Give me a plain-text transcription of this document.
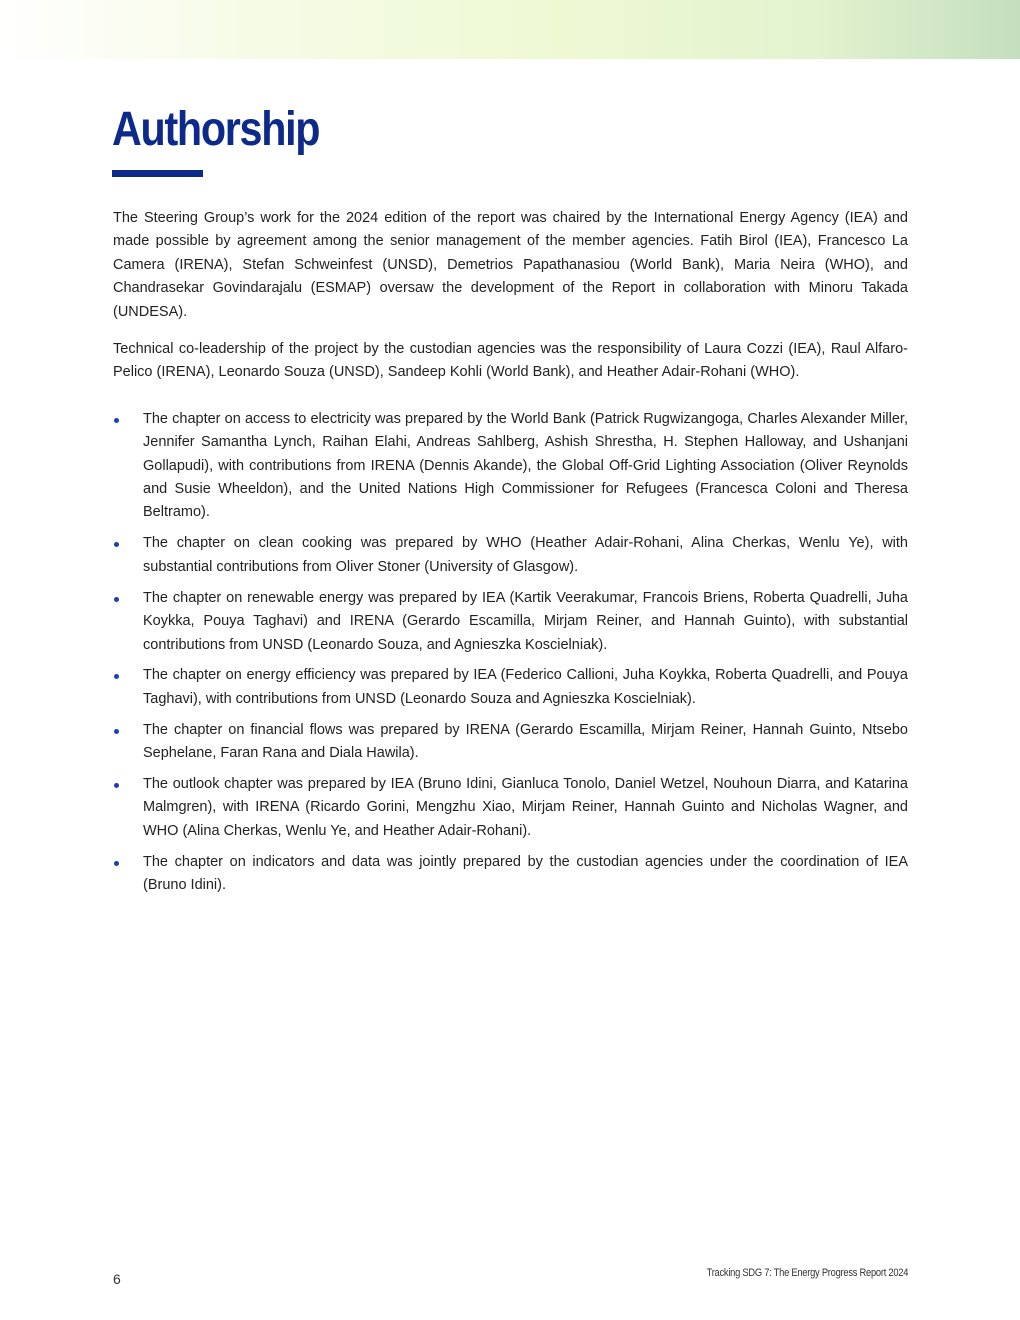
Authorship

The Steering Group’s work for the 2024 edition of the report was chaired by the International Energy Agency (IEA) and made possible by agreement among the senior management of the member agencies. Fatih Birol (IEA), Francesco La Camera (IRENA), Stefan Schweinfest (UNSD), Demetrios Papathanasiou (World Bank), Maria Neira (WHO), and Chandrasekar Govindarajalu (ESMAP) oversaw the development of the Report in collaboration with Minoru Takada (UNDESA).

Technical co-leadership of the project by the custodian agencies was the responsibility of Laura Cozzi (IEA), Raul Alfaro-Pelico (IRENA), Leonardo Souza (UNSD), Sandeep Kohli (World Bank), and Heather Adair-Rohani (WHO).

The chapter on access to electricity was prepared by the World Bank (Patrick Rugwizangoga, Charles Alexander Miller, Jennifer Samantha Lynch, Raihan Elahi, Andreas Sahlberg, Ashish Shrestha, H. Stephen Halloway, and Ushanjani Gollapudi), with contributions from IRENA (Dennis Akande), the Global Off-Grid Lighting Association (Oliver Reynolds and Susie Wheeldon), and the United Nations High Commissioner for Refugees (Francesca Coloni and Theresa Beltramo).
The chapter on clean cooking was prepared by WHO (Heather Adair-Rohani, Alina Cherkas, Wenlu Ye), with substantial contributions from Oliver Stoner (University of Glasgow).
The chapter on renewable energy was prepared by IEA (Kartik Veerakumar, Francois Briens, Roberta Quadrelli, Juha Koykka, Pouya Taghavi) and IRENA (Gerardo Escamilla, Mirjam Reiner, and Hannah Guinto), with substantial contributions from UNSD (Leonardo Souza, and Agnieszka Koscielniak).
The chapter on energy efficiency was prepared by IEA (Federico Callioni, Juha Koykka, Roberta Quadrelli, and Pouya Taghavi), with contributions from UNSD (Leonardo Souza and Agnieszka Koscielniak).
The chapter on financial flows was prepared by IRENA (Gerardo Escamilla, Mirjam Reiner, Hannah Guinto, Ntsebo Sephelane, Faran Rana and Diala Hawila).
The outlook chapter was prepared by IEA (Bruno Idini, Gianluca Tonolo, Daniel Wetzel, Nouhoun Diarra, and Katarina Malmgren), with IRENA (Ricardo Gorini, Mengzhu Xiao, Mirjam Reiner, Hannah Guinto and Nicholas Wagner, and WHO (Alina Cherkas, Wenlu Ye, and Heather Adair-Rohani).
The chapter on indicators and data was jointly prepared by the custodian agencies under the coordination of IEA (Bruno Idini).
6	Tracking SDG 7: The Energy Progress Report 2024
